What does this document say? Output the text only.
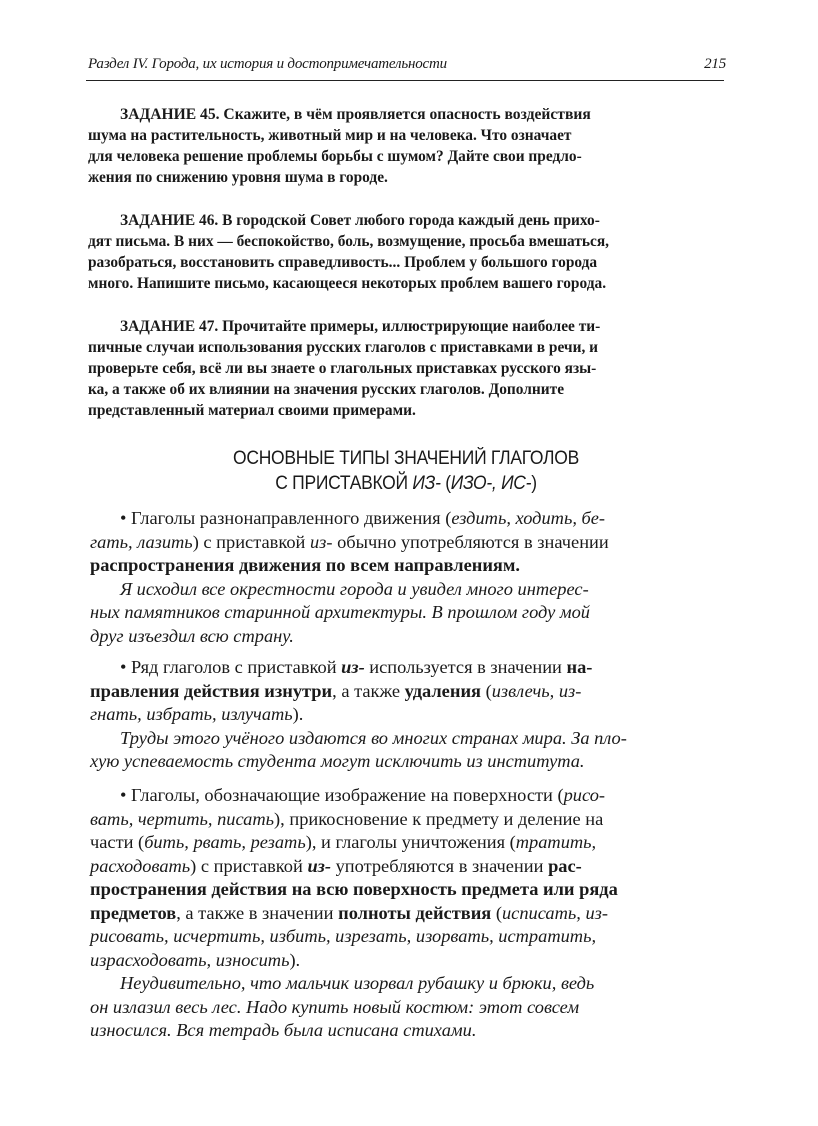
Раздел IV. Города, их история и достопримечательности	215
ЗАДАНИЕ 45. Скажите, в чём проявляется опасность воздействия
шума на растительность, животный мир и на человека. Что означает
для человека решение проблемы борьбы с шумом? Дайте свои предло-
жения по снижению уровня шума в городе.
ЗАДАНИЕ 46. В городской Совет любого города каждый день прихо-
дят письма. В них — беспокойство, боль, возмущение, просьба вмешаться,
разобраться, восстановить справедливость... Проблем у большого города
много. Напишите письмо, касающееся некоторых проблем вашего города.
ЗАДАНИЕ 47. Прочитайте примеры, иллюстрирующие наиболее ти-
пичные случаи использования русских глаголов с приставками в речи, и
проверьте себя, всё ли вы знаете о глагольных приставках русского язы-
ка, а также об их влиянии на значения русских глаголов. Дополните
представленный материал своими примерами.
ОСНОВНЫЕ ТИПЫ ЗНАЧЕНИЙ ГЛАГОЛОВ
С ПРИСТАВКОЙ ИЗ- (ИЗО-, ИС-)
• Глаголы разнонаправленного движения (ездить, ходить, бе-
гать, лазить) с приставкой из- обычно употребляются в значении
распространения движения по всем направлениям.
Я исходил все окрестности города и увидел много интерес-
ных памятников старинной архитектуры. В прошлом году мой
друг изъездил всю страну.
• Ряд глаголов с приставкой из- используется в значении на-
правления действия изнутри, а также удаления (извлечь, из-
гнать, избрать, излучать).
Труды этого учёного издаются во многих странах мира. За пло-
хую успеваемость студента могут исключить из института.
• Глаголы, обозначающие изображение на поверхности (рисо-
вать, чертить, писать), прикосновение к предмету и деление на
части (бить, рвать, резать), и глаголы уничтожения (тратить,
расходовать) с приставкой из- употребляются в значении рас-
пространения действия на всю поверхность предмета или ряда
предметов, а также в значении полноты действия (исписать, из-
рисовать, исчертить, избить, изрезать, изорвать, истратить,
израсходовать, износить).
Неудивительно, что мальчик изорвал рубашку и брюки, ведь
он излазил весь лес. Надо купить новый костюм: этот совсем
износился. Вся тетрадь была исписана стихами.
